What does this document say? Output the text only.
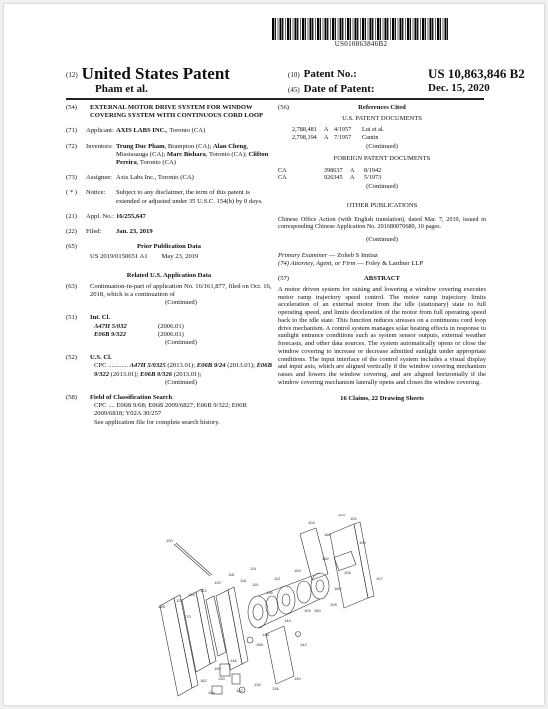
US010863846B2
(12) United States Patent
Pham et al.
(10) Patent No.:	US 10,863,846 B2
(45) Date of Patent:	Dec. 15, 2020
(54) EXTERNAL MOTOR DRIVE SYSTEM FOR WINDOW COVERING SYSTEM WITH CONTINUOUS CORD LOOP
(71) Applicant: AXIS LABS INC., Toronto (CA)
(72) Inventors: Trung Duc Pham, Brampton (CA); Alan Cheng, Mississauga (CA); Marc Bishara, Toronto (CA); Clifton Pereira, Toronto (CA)
(73) Assignee: Axis Labs Inc., Toronto (CA)
( * ) Notice: Subject to any disclaimer, the term of this patent is extended or adjusted under 35 U.S.C. 154(b) by 0 days.
(21) Appl. No.: 16/255,647
(22) Filed: Jan. 23, 2019
(65)	Prior Publication Data
US 2019/0150651 A1 May 23, 2019
Related U.S. Application Data
(63) Continuation-in-part of application No. 16/161,877, filed on Oct. 16, 2018, which is a continuation of
(Continued)
(51) Int. Cl.
A47H 5/032	(2006.01)
E06B 9/322	(2006.01)
(Continued)
(52) U.S. Cl.
CPC ............ A47H 5/0325 (2013.01); E06B 9/24 (2013.01); E06B 9/322 (2013.01); E06B 9/326 (2013.01);
(Continued)
(58) Field of Classification Search
CPC .... E06B 9/68; E06B 2009/6827; E06B 9/322; E06B 2009/6818; Y02A 30/257
See application file for complete search history.
(56)	References Cited
U.S. PATENT DOCUMENTS
2,788,481	A 4/1957	Lui et al.
2,798,194	A 7/1957	Cantin
(Continued)
FOREIGN PATENT DOCUMENTS
CA	398637	A	8/1942
CA	926345	A	5/1973
(Continued)
OTHER PUBLICATIONS
Chinese Office Action (with English translation), dated Mar. 7, 2019, issued in corresponding Chinese Application No. 201680070680, 10 pages.
(Continued)
Primary Examiner — Zoheb S Imtiaz
(74) Attorney, Agent, or Firm — Foley & Lardner LLP
(57)	ABSTRACT
A motor driven system for raising and lowering a window covering executes motor ramp trajectory speed control. The motor ramp trajectory limits acceleration of an external motor from the idle (stationary) state to full operating speed, and limits deceleration of the motor from full operating speed back to the idle state. This function reduces stresses on a continuous cord loop drive mechanism. A control system manages solar heating effects in response to sunlight entrance conditions such as system sensor outputs, external weather forecasts, and other data sources. The system automatically opens or close the window covering to increase or decrease admitted sunlight under appropriate conditions. The input interface of the control system includes a visual display and input axis, which are aligned vertically if the window covering mechanism raises and lowers the window covering, and are aligned horizontally if the window covering mechanism laterally opens and closes the window covering.
16 Claims, 22 Drawing Sheets
100
102
103
104
105
106
107
108
109
110
112
114
116
118
120
122
124
126
128
130
132
134
136
140
142
144
146
148
150
152
154
156
158
160
162
164
166
168
170
